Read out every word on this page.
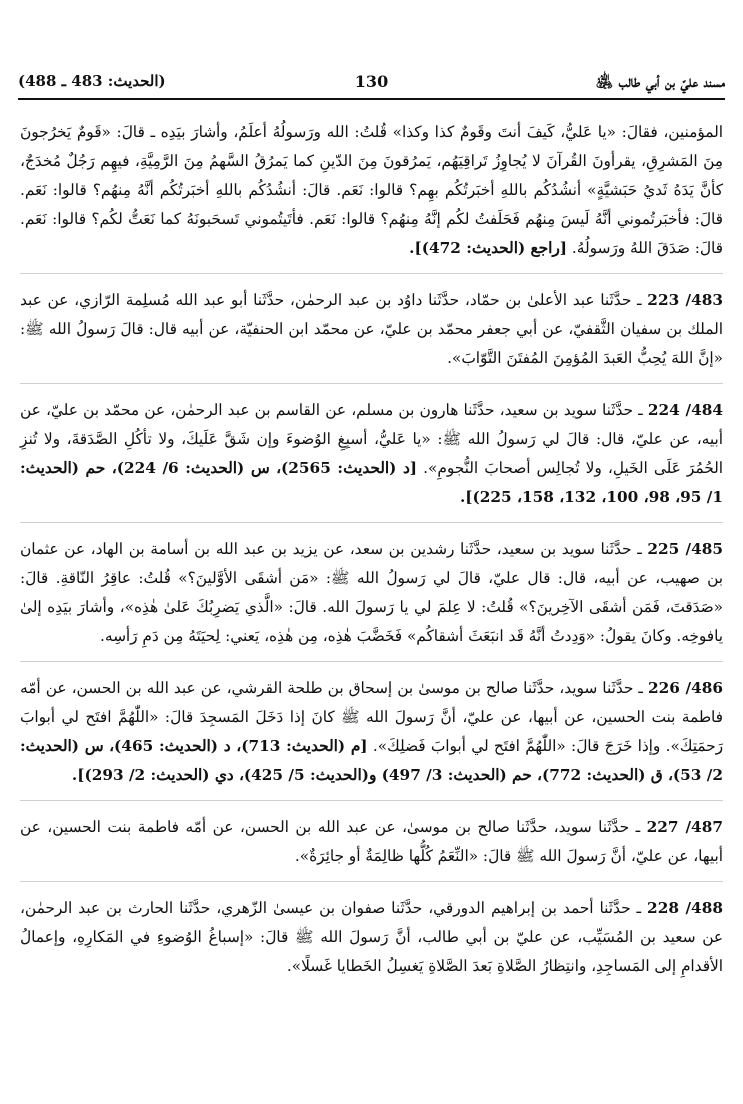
مسند عليّ بن أبي طالب ﵁
130
(الحديث: 483 ـ 488)
المؤمنين، فقالَ: «يا عَليُّ، كَيفَ أنتَ وقَومٌ كذا وكذا» قُلتُ: الله ورَسولُهُ أعلَمُ، وأشارَ بيَدِه ـ قالَ: «قَومٌ يَخرُجونَ مِنَ المَشرِقِ، يقرأونَ القُرآنَ لا يُجاوِزُ تَراقِيَهُم، يَمرُقونَ مِنَ الدّينِ كما يَمرُقُ السَّهمُ مِنَ الرَّمِيَّةِ، فيهِم رَجُلٌ مُخدَجٌ، كأنَّ يَدَهُ ثَديُ حَبَشيَّةٍ» أنشُدُكُم باللهِ أخبَرتُكُم بهِم؟ قالوا: نَعَم. قالَ: أنشُدُكُم باللهِ أخبَرتُكُم أنَّهُ مِنهُم؟ قالوا: نَعَم. قالَ: فأخبَرتُموني أنَّهُ لَيسَ مِنهُم فَحَلَفتُ لكُم إنَّهُ مِنهُم؟ قالوا: نَعَم. فأتَيتُموني تَسحَبونَهُ كما نَعَتُّ لكُم؟ قالوا: نَعَم. قالَ: صَدَقَ اللهُ ورَسولُهُ. [راجع (الحديث: 472)].
483/ 223 ـ حدَّثَنا عبد الأعلىٰ بن حمّاد، حدَّثَنا داوُد بن عبد الرحمٰن، حدَّثَنا أبو عبد الله مُسلِمة الرّازي، عن عبد الملك بن سفيان الثَّقفيّ، عن أبي جعفر محمّد بن عليّ، عن محمّد ابن الحنفيّة، عن أبيه قال: قالَ رَسولُ الله ﷺ: «إنَّ اللهَ يُحِبُّ العَبدَ المُؤمِنَ المُفتَنَ التَّوّابَ».
484/ 224 ـ حدَّثَنا سويد بن سعيد، حدَّثَنا هارون بن مسلم، عن القاسم بن عبد الرحمٰن، عن محمّد بن عليّ، عن أبيه، عن عليّ، قال: قالَ لي رَسولُ الله ﷺ: «يا عَليُّ، أسبِغِ الوُضوءَ وإن شَقَّ عَلَيكَ، ولا تأكُلِ الصَّدَقةَ، ولا تُنزِ الحُمُرَ عَلَى الخَيلِ، ولا تُجالِس أصحابَ النُّجومِ». [د (الحديث: 2565)، س (الحديث: 6/ 224)، حم (الحديث: 1/ 95، 98، 100، 132، 158، 225)].
485/ 225 ـ حدَّثَنا سويد بن سعيد، حدَّثَنا رشدين بن سعد، عن يزيد بن عبد الله بن أسامة بن الهاد، عن عثمان بن صهيب، عن أبيه، قال: قال عليّ، قالَ لي رَسولُ الله ﷺ: «مَن أشقَى الأوَّلينَ؟» قُلتُ: عاقِرُ النّاقةِ. قالَ: «صَدَقتَ، فَمَن أشقَى الآخِرينَ؟» قُلتُ: لا عِلمَ لي يا رَسولَ الله. قالَ: «الَّذي يَضرِبُكَ عَلىٰ هٰذِه»، وأشارَ بيَدِه إلىٰ يافوخِه. وكانَ يقولُ: «وَدِدتُ أنَّهُ قَد انبَعَثَ أشقاكُم» فَخَضَّبَ هٰذِه، مِن هٰذِه، يَعني: لِحيَتَهُ مِن دَمِ رَأسِه.
486/ 226 ـ حدَّثَنا سويد، حدَّثَنا صالح بن موسىٰ بن إسحاق بن طلحة القرشي، عن عبد الله بن الحسن، عن أمّه فاطمة بنت الحسين، عن أبيها، عن عليّ، أنَّ رَسولَ الله ﷺ كانَ إذا دَخَلَ المَسجِدَ قالَ: «اللّٰهُمَّ افتَح لي أبوابَ رَحمَتِكَ». وإذا خَرَجَ قالَ: «اللّٰهُمَّ افتَح لي أبوابَ فَضلِكَ». [م (الحديث: 713)، د (الحديث: 465)، س (الحديث: 2/ 53)، ق (الحديث: 772)، حم (الحديث: 3/ 497) و(الحديث: 5/ 425)، دي (الحديث: 2/ 293)].
487/ 227 ـ حدَّثَنا سويد، حدَّثَنا صالح بن موسىٰ، عن عبد الله بن الحسن، عن أمّه فاطمة بنت الحسين، عن أبيها، عن عليّ، أنَّ رَسولَ الله ﷺ قالَ: «النِّعَمُ كُلُّها ظالِمَةٌ أو جائِرَةٌ».
488/ 228 ـ حدَّثَنا أحمد بن إبراهيم الدورقي، حدَّثَنا صفوان بن عيسىٰ الزّهري، حدَّثَنا الحارث بن عبد الرحمٰن، عن سعيد بن المُسَيِّب، عن عليّ بن أبي طالب، أنَّ رَسولَ الله ﷺ قالَ: «إسباغُ الوُضوءِ في المَكارِهِ، وإعمالُ الأقدامِ إلى المَساجِدِ، وانتِظارُ الصَّلاةِ بَعدَ الصَّلاةِ يَغسِلُ الخَطايا غَسلًا».
